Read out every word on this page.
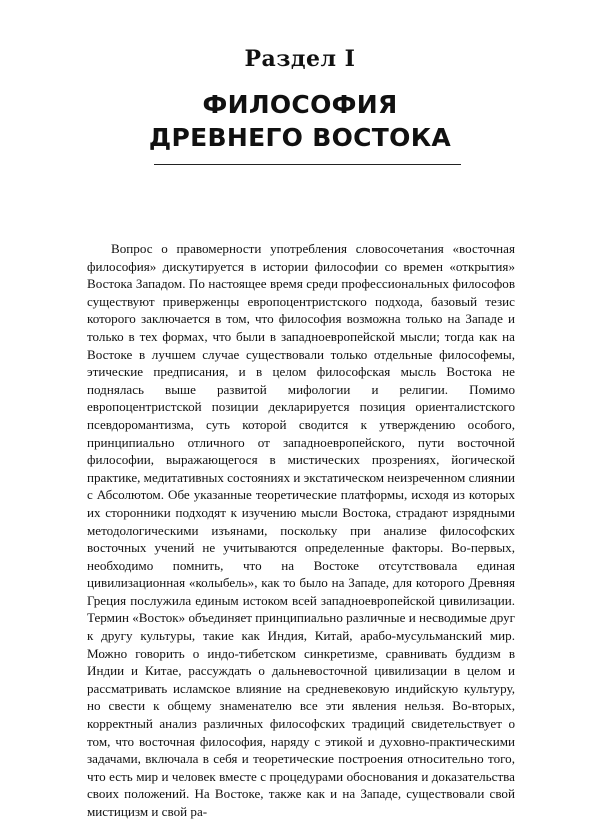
Раздел I
ФИЛОСОФИЯ
ДРЕВНЕГО ВОСТОКА

Вопрос о правомерности употребления словосочетания «восточная философия» дискутируется в истории философии со времен «открытия» Востока Западом. По настоящее время среди профессиональных философов существуют приверженцы европоцентристского подхода, базовый тезис которого заключается в том, что философия возможна только на Западе и только в тех формах, что были в западноевропейской мысли; тогда как на Востоке в лучшем случае существовали только отдельные философемы, этические предписания, и в целом философская мысль Востока не поднялась выше развитой мифологии и религии. Помимо европоцентристской позиции декларируется позиция ориенталистского псевдоромантизма, суть которой сводится к утверждению особого, принципиально отличного от западноевропейского, пути восточной философии, выражающегося в мистических прозрениях, йогической практике, медитативных состояниях и экстатическом неизреченном слиянии с Абсолютом. Обе указанные теоретические платформы, исходя из которых их сторонники подходят к изучению мысли Востока, страдают изрядными методологическими изъянами, поскольку при анализе философских восточных учений не учитываются определенные факторы. Во-первых, необходимо помнить, что на Востоке отсутствовала единая цивилизационная «колыбель», как то было на Западе, для которого Древняя Греция послужила единым истоком всей западноевропейской цивилизации. Термин «Восток» объединяет принципиально различные и несводимые друг к другу культуры, такие как Индия, Китай, арабо-мусульманский мир. Можно говорить о индо-тибетском синкретизме, сравнивать буддизм в Индии и Китае, рассуждать о дальневосточной цивилизации в целом и рассматривать исламское влияние на средневековую индийскую культуру, но свести к общему знаменателю все эти явления нельзя. Во-вторых, корректный анализ различных философских традиций свидетельствует о том, что восточная философия, наряду с этикой и духовно-практическими задачами, включала в себя и теоретические построения относительно того, что есть мир и человек вместе с процедурами обоснования и доказательства своих положений. На Востоке, также как и на Западе, существовали свой мистицизм и свой ра-
